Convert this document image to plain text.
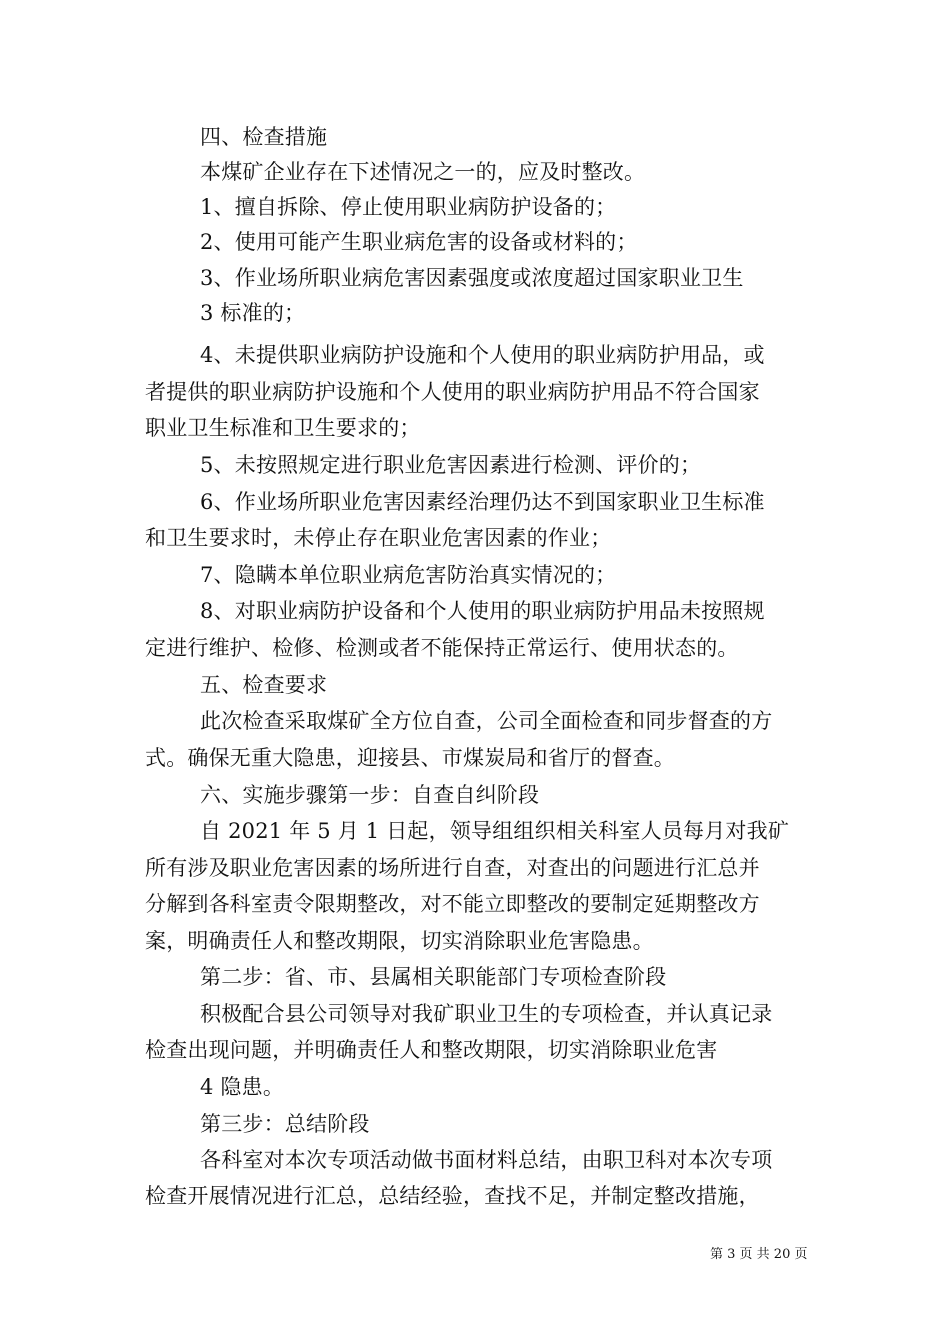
四、检查措施
本煤矿企业存在下述情况之一的，应及时整改。
1、擅自拆除、停止使用职业病防护设备的；
2、使用可能产生职业病危害的设备或材料的；
3、作业场所职业病危害因素强度或浓度超过国家职业卫生
3 标准的；
4、未提供职业病防护设施和个人使用的职业病防护用品，或
者提供的职业病防护设施和个人使用的职业病防护用品不符合国家
职业卫生标准和卫生要求的；
5、未按照规定进行职业危害因素进行检测、评价的；
6、作业场所职业危害因素经治理仍达不到国家职业卫生标准
和卫生要求时，未停止存在职业危害因素的作业；
7、隐瞒本单位职业病危害防治真实情况的；
8、对职业病防护设备和个人使用的职业病防护用品未按照规
定进行维护、检修、检测或者不能保持正常运行、使用状态的。
五、检查要求
此次检查采取煤矿全方位自查，公司全面检查和同步督查的方
式。确保无重大隐患，迎接县、市煤炭局和省厅的督查。
六、实施步骤第一步：自查自纠阶段
自 2021 年 5 月 1 日起，领导组组织相关科室人员每月对我矿
所有涉及职业危害因素的场所进行自查，对查出的问题进行汇总并
分解到各科室责令限期整改，对不能立即整改的要制定延期整改方
案，明确责任人和整改期限，切实消除职业危害隐患。
第二步：省、市、县属相关职能部门专项检查阶段
积极配合县公司领导对我矿职业卫生的专项检查，并认真记录
检查出现问题，并明确责任人和整改期限，切实消除职业危害
4 隐患。
第三步：总结阶段
各科室对本次专项活动做书面材料总结，由职卫科对本次专项
检查开展情况进行汇总，总结经验，查找不足，并制定整改措施，
第 3 页 共 20 页
